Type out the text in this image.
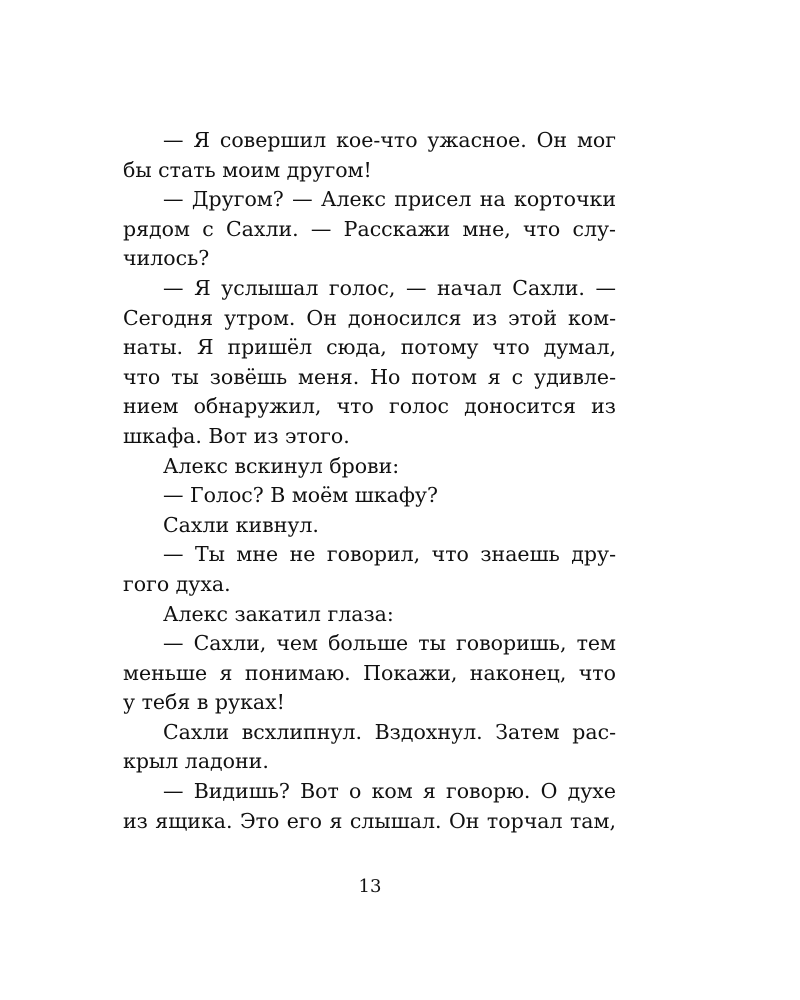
— Я совершил кое-что ужасное. Он мог
бы стать моим другом!
— Другом? — Алекс присел на корточки
рядом с Сахли. — Расскажи мне, что слу-
чилось?
— Я услышал голос, — начал Сахли. —
Сегодня утром. Он доносился из этой ком-
наты. Я пришёл сюда, потому что думал,
что ты зовёшь меня. Но потом я с удивле-
нием обнаружил, что голос доносится из
шкафа. Вот из этого.
Алекс вскинул брови:
— Голос? В моём шкафу?
Сахли кивнул.
— Ты мне не говорил, что знаешь дру-
гого духа.
Алекс закатил глаза:
— Сахли, чем больше ты говоришь, тем
меньше я понимаю. Покажи, наконец, что
у тебя в руках!
Сахли всхлипнул. Вздохнул. Затем рас-
крыл ладони.
— Видишь? Вот о ком я говорю. О духе
из ящика. Это его я слышал. Он торчал там,
13
